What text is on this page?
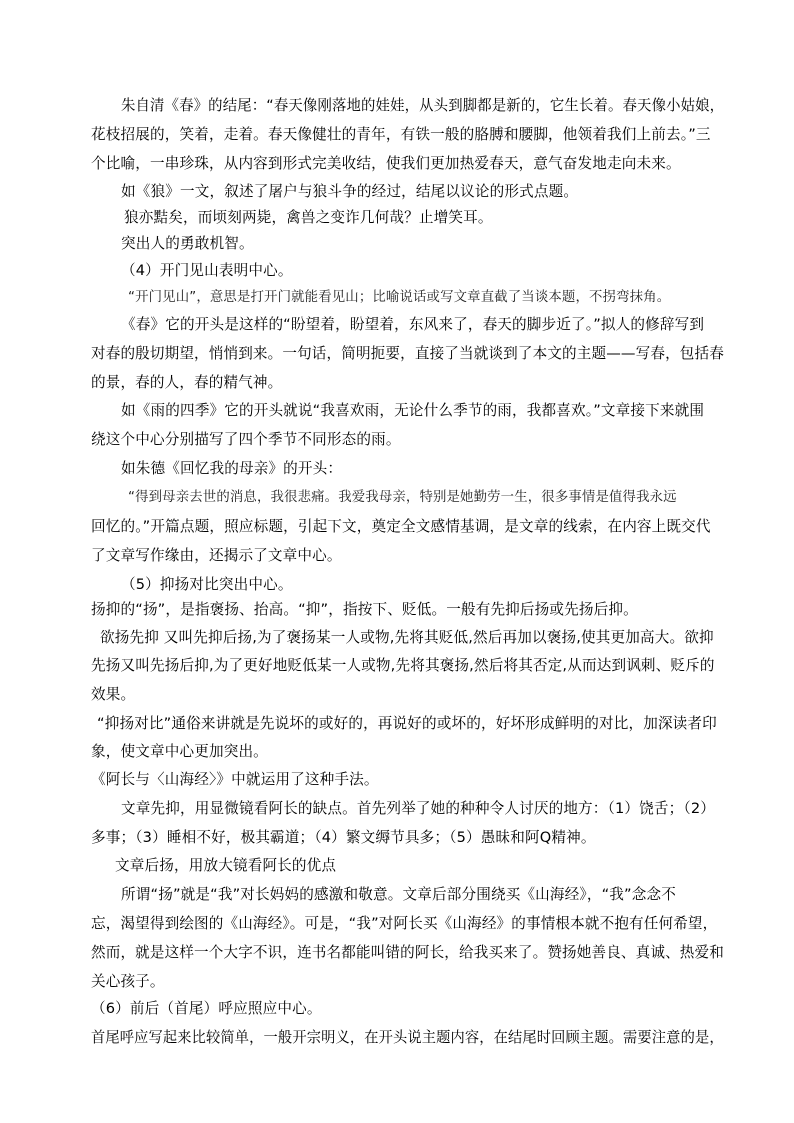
朱自清《春》的结尾：“春天像刚落地的娃娃，从头到脚都是新的，它生长着。春天像小姑娘，

花枝招展的，笑着，走着。春天像健壮的青年，有铁一般的胳膊和腰脚，他领着我们上前去。”三
个比喻，一串珍珠，从内容到形式完美收结，使我们更加热爱春天，意气奋发地走向未来。

如《狼》一文，叙述了屠户与狼斗争的经过，结尾以议论的形式点题。

狼亦黠矣，而顷刻两毙，禽兽之变诈几何哉？止增笑耳。

突出人的勇敢机智。

（4）开门见山表明中心。

“开门见山”，意思是打开门就能看见山；比喻说话或写文章直截了当谈本题，不拐弯抹角。

《春》它的开头是这样的“盼望着，盼望着，东风来了，春天的脚步近了。”拟人的修辞写到

对春的殷切期望，悄悄到来。一句话，简明扼要，直接了当就谈到了本文的主题——写春，包括春
的景，春的人，春的精气神。

如《雨的四季》它的开头就说“我喜欢雨，无论什么季节的雨，我都喜欢。”文章接下来就围

绕这个中心分别描写了四个季节不同形态的雨。

如朱德《回忆我的母亲》的开头：

“得到母亲去世的消息，我很悲痛。我爱我母亲，特别是她勤劳一生，很多事情是值得我永远

回忆的。”开篇点题，照应标题，引起下文，奠定全文感情基调，是文章的线索，在内容上既交代
了文章写作缘由，还揭示了文章中心。

（5）抑扬对比突出中心。

扬抑的“扬”，是指褒扬、抬高。“抑”，指按下、贬低。一般有先抑后扬或先扬后抑。

欲扬先抑 又叫先抑后扬,为了褒扬某一人或物,先将其贬低,然后再加以褒扬,使其更加高大。欲抑

先扬又叫先扬后抑,为了更好地贬低某一人或物,先将其褒扬,然后将其否定,从而达到讽刺、贬斥的
效果。

“抑扬对比”通俗来讲就是先说坏的或好的，再说好的或坏的，好坏形成鲜明的对比，加深读者印

象，使文章中心更加突出。

《阿长与〈山海经〉》中就运用了这种手法。

文章先抑，用显微镜看阿长的缺点。首先列举了她的种种令人讨厌的地方：（1）饶舌；（2）

多事；（3）睡相不好，极其霸道；（4）繁文缛节具多；（5）愚昧和阿Q精神。

文章后扬，用放大镜看阿长的优点

所谓“扬”就是“我”对长妈妈的感激和敬意。文章后部分围绕买《山海经》，“我”念念不

忘，渴望得到绘图的《山海经》。可是，“我”对阿长买《山海经》的事情根本就不抱有任何希望，
然而，就是这样一个大字不识，连书名都能叫错的阿长，给我买来了。赞扬她善良、真诚、热爱和
关心孩子。

（6）前后（首尾）呼应照应中心。

首尾呼应写起来比较简单，一般开宗明义，在开头说主题内容，在结尾时回顾主题。需要注意的是，
